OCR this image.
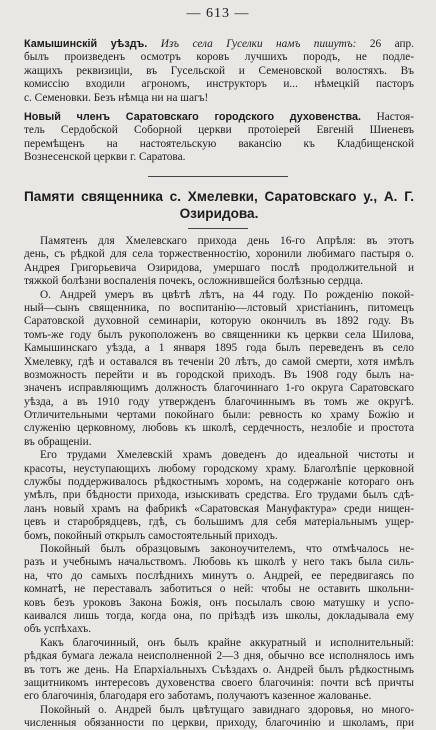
— 613 —
Камышинскій уѣздъ. Изъ села Гуселки намъ пишутъ: 26 апр.
былъ произведенъ осмотръ коровъ лучшихъ породъ, не подле-
жащихъ реквизиціи, въ Гусельской и Семеновской волостяхъ. Въ
комиссію входили агрономъ, инструкторъ и... нѣмецкій пасторъ
с. Семеновки. Безъ нѣмца ни на шагъ!
Новый членъ Саратовскаго городского духовенства. Настоя-
тель Сердобской Соборной церкви протоіерей Евгеній Шиеневъ
перемѣщенъ на настоятельскую вакансію къ Кладбищенской
Вознесенской церкви г. Саратова.
Памяти священника с. Хмелевки, Саратовскаго у., А. Г.
Озиридова.
Памятенъ для Хмелевскаго прихода день 16-го Апрѣля: въ этотъ
день, съ рѣдкой для села торжественностію, хоронили любимаго пастыря о.
Андрея Григорьевича Озиридова, умершаго послѣ продолжительной и
тяжкой болѣзни воспаленія почекъ, осложнившейся болѣзнью сердца.
О. Андрей умеръ въ цвѣтѣ лѣтъ, на 44 году. По рожденію покой-
ный—сынъ священника, по воспитанію—лстовый христіанинъ, питомецъ
Саратовской духовной семинаріи, которую окончилъ въ 1892 году. Въ
томъ-же году былъ рукоположенъ во священники къ церкви села Шилова,
Камышинскаго уѣзда, а 1 января 1895 года былъ переведенъ въ село
Хмелевку, гдѣ и оставался въ теченіи 20 лѣтъ, до самой смерти, хотя имѣлъ
возможность перейти и въ городской приходъ. Въ 1908 году былъ на-
значенъ исправляющимъ должность благочиннаго 1-го округа Саратовскаго
уѣзда, а въ 1910 году утвержденъ благочиннымъ въ томъ же округѣ.
Отличительными чертами покойнаго были: ревность ко храму Божію и
служенію церковному, любовь къ школѣ, сердечность, незлобіе и простота
въ обращеніи.
Его трудами Хмелевскій храмъ доведенъ до идеальной чистоты и
красоты, неуступающихъ любому городскому храму. Благолѣпіе церковной
службы поддерживалось рѣдкостнымъ хоромъ, на содержаніе котораго онъ
умѣлъ, при бѣдности прихода, изыскивать средства. Его трудами былъ сдѣ-
ланъ новый храмъ на фабрикѣ «Саратовская Мануфактура» среди нищен-
цевъ и старобрядцевъ, гдѣ, съ большимъ для себя матеріальнымъ ущер-
бомъ, покойный открылъ самостоятельный приходъ.
Покойный былъ образцовымъ законоучителемъ, что отмѣчалось не-
разъ и учебнымъ начальствомъ. Любовь къ школѣ у него такъ была силь-
на, что до самыхъ послѣднихъ минутъ о. Андрей, ее передвигаясь по
комнатѣ, не переставалъ заботиться о ней: чтобы не оставить школьни-
ковъ безъ уроковъ Закона Божія, онъ посылалъ свою матушку и успо-
каивался лишь тогда, когда она, по пріѣздѣ изъ школы, докладывала ему
объ успѣхахъ.
Какъ благочинный, онъ былъ крайне аккуратный и исполнительный:
рѣдкая бумага лежала неисполненной 2—3 дня, обычно все исполнялось имъ
въ тотъ же день. На Епархіальныхъ Съѣздахъ о. Андрей былъ рѣдкостнымъ
защитникомъ интересовъ духовенства своего благочинія: почти всѣ причты
его благочинія, благодаря его заботамъ, получаютъ казенное жалованье.
Покойный о. Андрей былъ цвѣтущаго завиднаго здоровья, но много-
численныя обязанности по церкви, приходу, благочинію и школамъ, при
